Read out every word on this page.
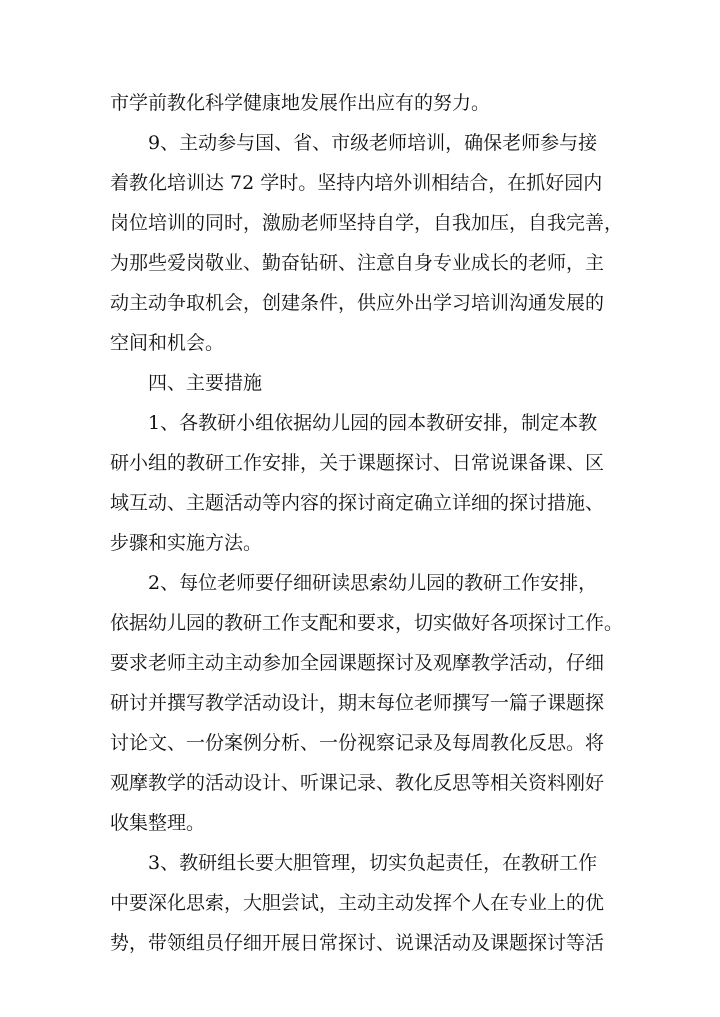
市学前教化科学健康地发展作出应有的努力。
9、主动参与国、省、市级老师培训，确保老师参与接
着教化培训达 72 学时。坚持内培外训相结合，在抓好园内
岗位培训的同时，激励老师坚持自学，自我加压，自我完善，
为那些爱岗敬业、勤奋钻研、注意自身专业成长的老师，主
动主动争取机会，创建条件，供应外出学习培训沟通发展的
空间和机会。
四、主要措施
1、各教研小组依据幼儿园的园本教研安排，制定本教
研小组的教研工作安排，关于课题探讨、日常说课备课、区
域互动、主题活动等内容的探讨商定确立详细的探讨措施、
步骤和实施方法。
2、每位老师要仔细研读思索幼儿园的教研工作安排，
依据幼儿园的教研工作支配和要求，切实做好各项探讨工作。
要求老师主动主动参加全园课题探讨及观摩教学活动，仔细
研讨并撰写教学活动设计，期末每位老师撰写一篇子课题探
讨论文、一份案例分析、一份视察记录及每周教化反思。将
观摩教学的活动设计、听课记录、教化反思等相关资料刚好
收集整理。
3、教研组长要大胆管理，切实负起责任，在教研工作
中要深化思索，大胆尝试，主动主动发挥个人在专业上的优
势，带领组员仔细开展日常探讨、说课活动及课题探讨等活
